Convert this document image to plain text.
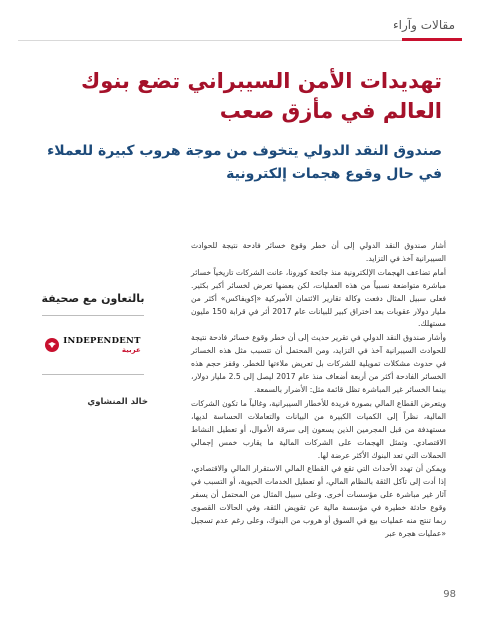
مقالات وآراء
تهديدات الأمن السيبراني تضع بنوك العالم في مأزق صعب
صندوق النقد الدولي يتخوف من موجة هروب كبيرة للعملاء في حال وقوع هجمات إلكترونية

أشار صندوق النقد الدولي إلى أن خطر وقوع خسائر فادحة نتيجة للحوادث السيبرانية آخذ في التزايد.

أمام تضاعف الهجمات الإلكترونية منذ جائحة كورونا، عانت الشركات تاريخياً خسائر مباشرة متواضعة نسبياً من هذه العمليات، لكن بعضها تعرض لخسائر أكبر بكثير. فعلى سبيل المثال دفعت وكالة تقارير الائتمان الأميركية «إكويفاكس» أكثر من مليار دولار عقوبات بعد اختراق كبير للبيانات عام 2017 أثر في قرابة 150 مليون مستهلك.

وأشار صندوق النقد الدولي في تقرير حديث إلى أن خطر وقوع خسائر فادحة نتيجة للحوادث السيبرانية آخذ في التزايد، ومن المحتمل أن تتسبب مثل هذه الخسائر في حدوث مشكلات تمويلية للشركات بل تعريض ملاءتها للخطر. وقفز حجم هذه الخسائر الفادحة أكثر من أربعة أضعاف منذ عام 2017 ليصل إلى 2.5 مليار دولار، بينما الخسائر غير المباشرة تظل قائمة مثل: الأضرار بالسمعة.

ويتعرض القطاع المالي بصورة فريدة للأخطار السيبرانية، وغالباً ما تكون الشركات المالية، نظراً إلى الكميات الكبيرة من البيانات والتعاملات الحساسة لديها، مستهدفة من قبل المجرمين الذين يسعون إلى سرقة الأموال، أو تعطيل النشاط الاقتصادي. وتمثل الهجمات على الشركات المالية ما يقارب خمس إجمالي الحملات التي تعد البنوك الأكثر عرضة لها.

ويمكن أن تهدد الأحداث التي تقع في القطاع المالي الاستقرار المالي والاقتصادي، إذا أدت إلى تآكل الثقة بالنظام المالي، أو تعطيل الخدمات الحيوية، أو التسبب في آثار غير مباشرة على مؤسسات أخرى. وعلى سبيل المثال من المحتمل أن يسفر وقوع حادثة خطيرة في مؤسسة مالية عن تقويض الثقة، وفي الحالات القصوى ربما تنتج منه عمليات بيع في السوق أو هروب من البنوك، وعلى رغم عدم تسجيل «عمليات هجرة عبر

بالتعاون مع صحيفة
INDEPENDENT
عربية
خالد المنشاوي
98
